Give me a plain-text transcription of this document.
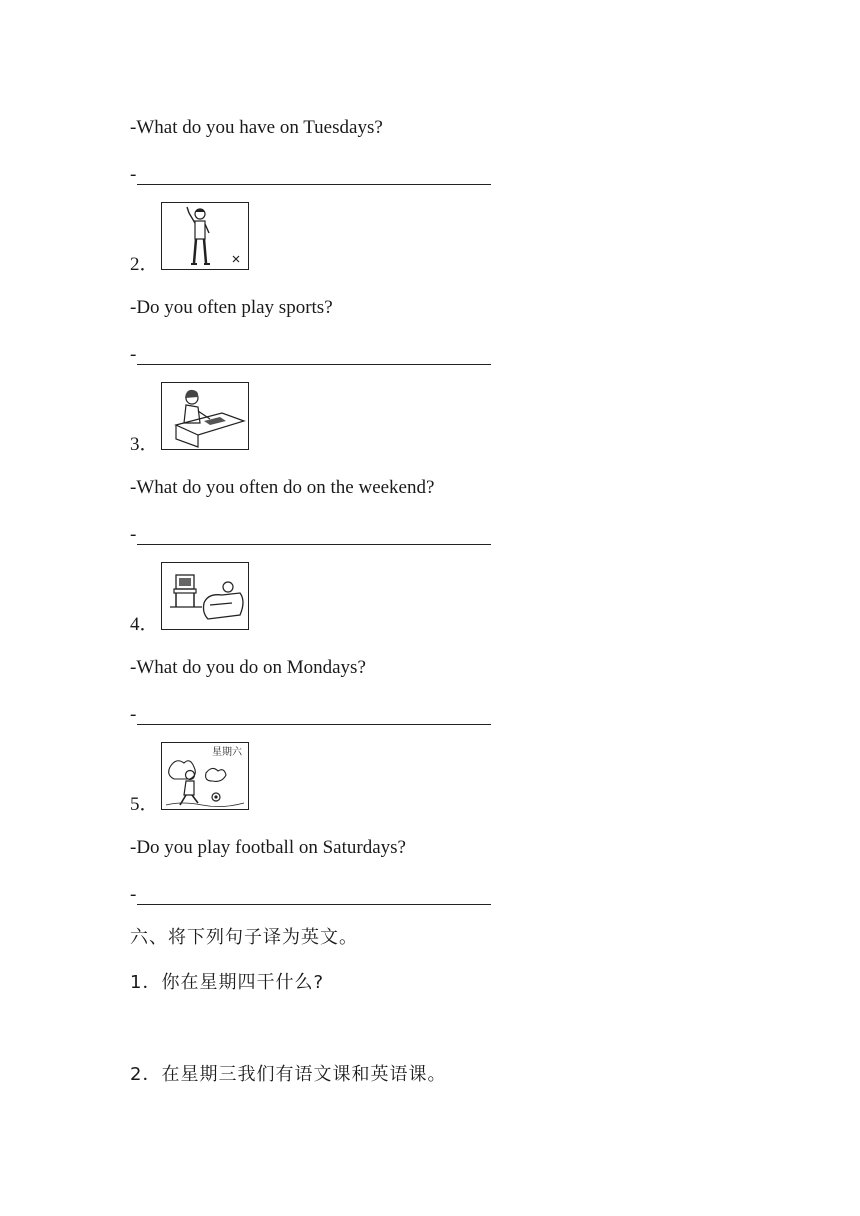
-What do you have on Tuesdays?
-
2．
-Do you often play sports?
-
3．
-What do you often do on the weekend?
-
4．
-What do you do on Mondays?
-
星期六
5．
-Do you play football on Saturdays?
-
六、将下列句子译为英文。
1．你在星期四干什么?
2．在星期三我们有语文课和英语课。
